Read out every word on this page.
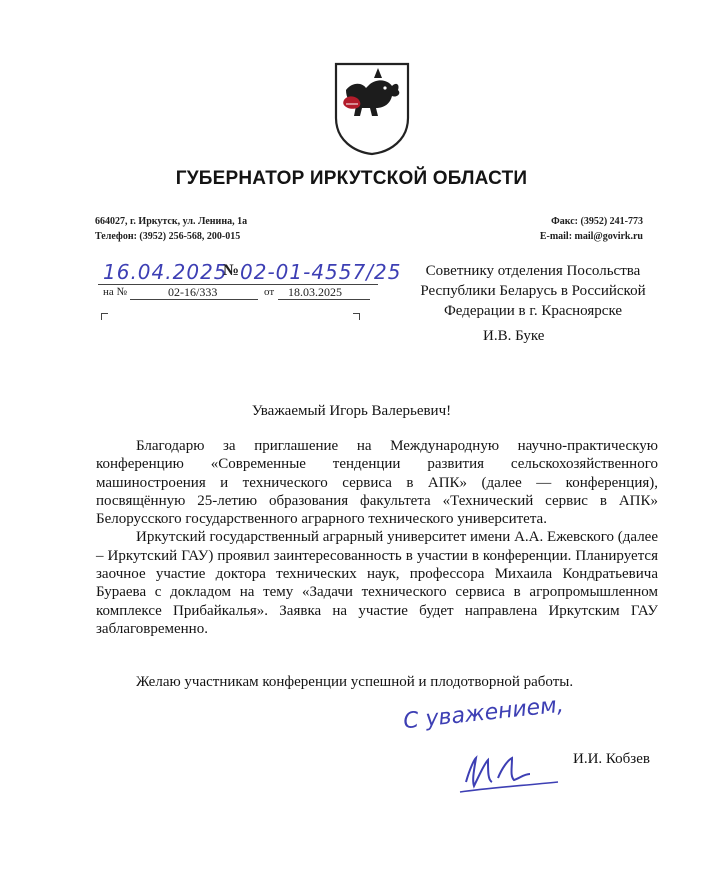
ГУБЕРНАТОР ИРКУТСКОЙ ОБЛАСТИ
664027, г. Иркутск, ул. Ленина, 1а
Телефон: (3952) 256-568, 200-015
Факс: (3952) 241-773
E-mail: mail@govirk.ru
16.04.2025
№ 02-01-4557/25
на №	02-16/333	от 18.03.2025
Советнику отделения Посольства
Республики Беларусь в Российской
Федерации в г. Красноярске
И.В. Буке
Уважаемый Игорь Валерьевич!

Благодарю за приглашение на Международную научно-практическую конференцию «Современные тенденции развития сельскохозяйственного машиностроения и технического сервиса в АПК» (далее — конференция), посвящённую 25-летию образования факультета «Технический сервис в АПК» Белорусского государственного аграрного технического университета.

Иркутский государственный аграрный университет имени А.А. Ежевского (далее – Иркутский ГАУ) проявил заинтересованность в участии в конференции. Планируется заочное участие доктора технических наук, профессора Михаила Кондратьевича Бураева с докладом на тему «Задачи технического сервиса в агропромышленном комплексе Прибайкалья». Заявка на участие будет направлена Иркутским ГАУ заблаговременно.

Желаю участникам конференции успешной и плодотворной работы.
С уважением,
И.И. Кобзев
